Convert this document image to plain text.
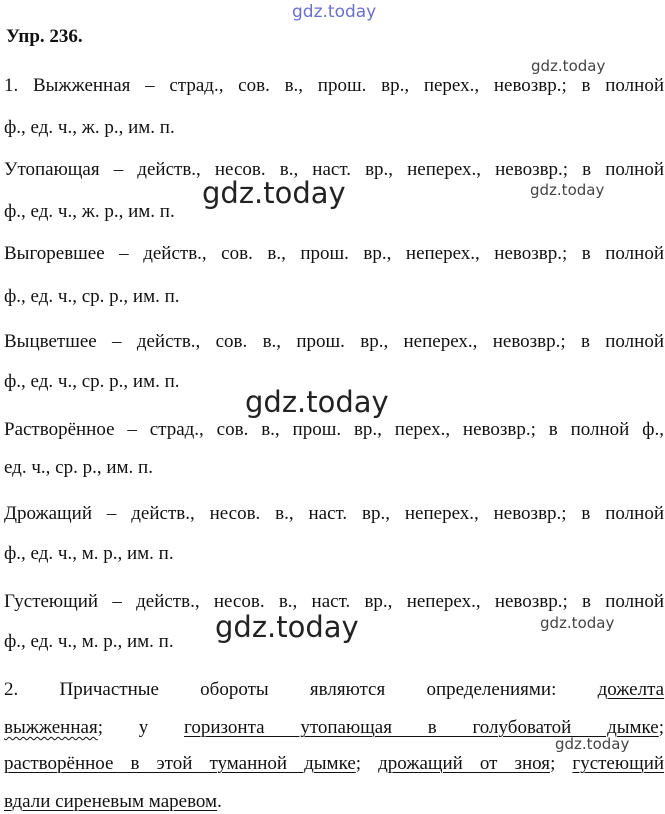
gdz.today
Упр. 236.
gdz.today
1. Выжженная – страд., сов. в., прош. вр., перех., невозвр.; в полной
ф., ед. ч., ж. р., им. п.
Утопающая – действ., несов. в., наст. вр., неперех., невозвр.; в полной
gdz.today
ф., ед. ч., ж. р., им. п.
gdz.today
Выгоревшее – действ., сов. в., прош. вр., неперех., невозвр.; в полной
ф., ед. ч., ср. р., им. п.
Выцветшее – действ., сов. в., прош. вр., неперех., невозвр.; в полной
ф., ед. ч., ср. р., им. п.
gdz.today
Растворённое – страд., сов. в., прош. вр., перех., невозвр.; в полной ф.,
ед. ч., ср. р., им. п.
Дрожащий – действ., несов. в., наст. вр., неперех., невозвр.; в полной
ф., ед. ч., м. р., им. п.
Густеющий – действ., несов. в., наст. вр., неперех., невозвр.; в полной
ф., ед. ч., м. р., им. п.	gdz.today	gdz.today
2. Причастные обороты являются определениями: дожелта
выжженная; у горизонта утопающая в голубоватой дымке;
gdz.today
растворённое в этой туманной дымке; дрожащий от зноя; густеющий
вдали сиреневым маревом.
